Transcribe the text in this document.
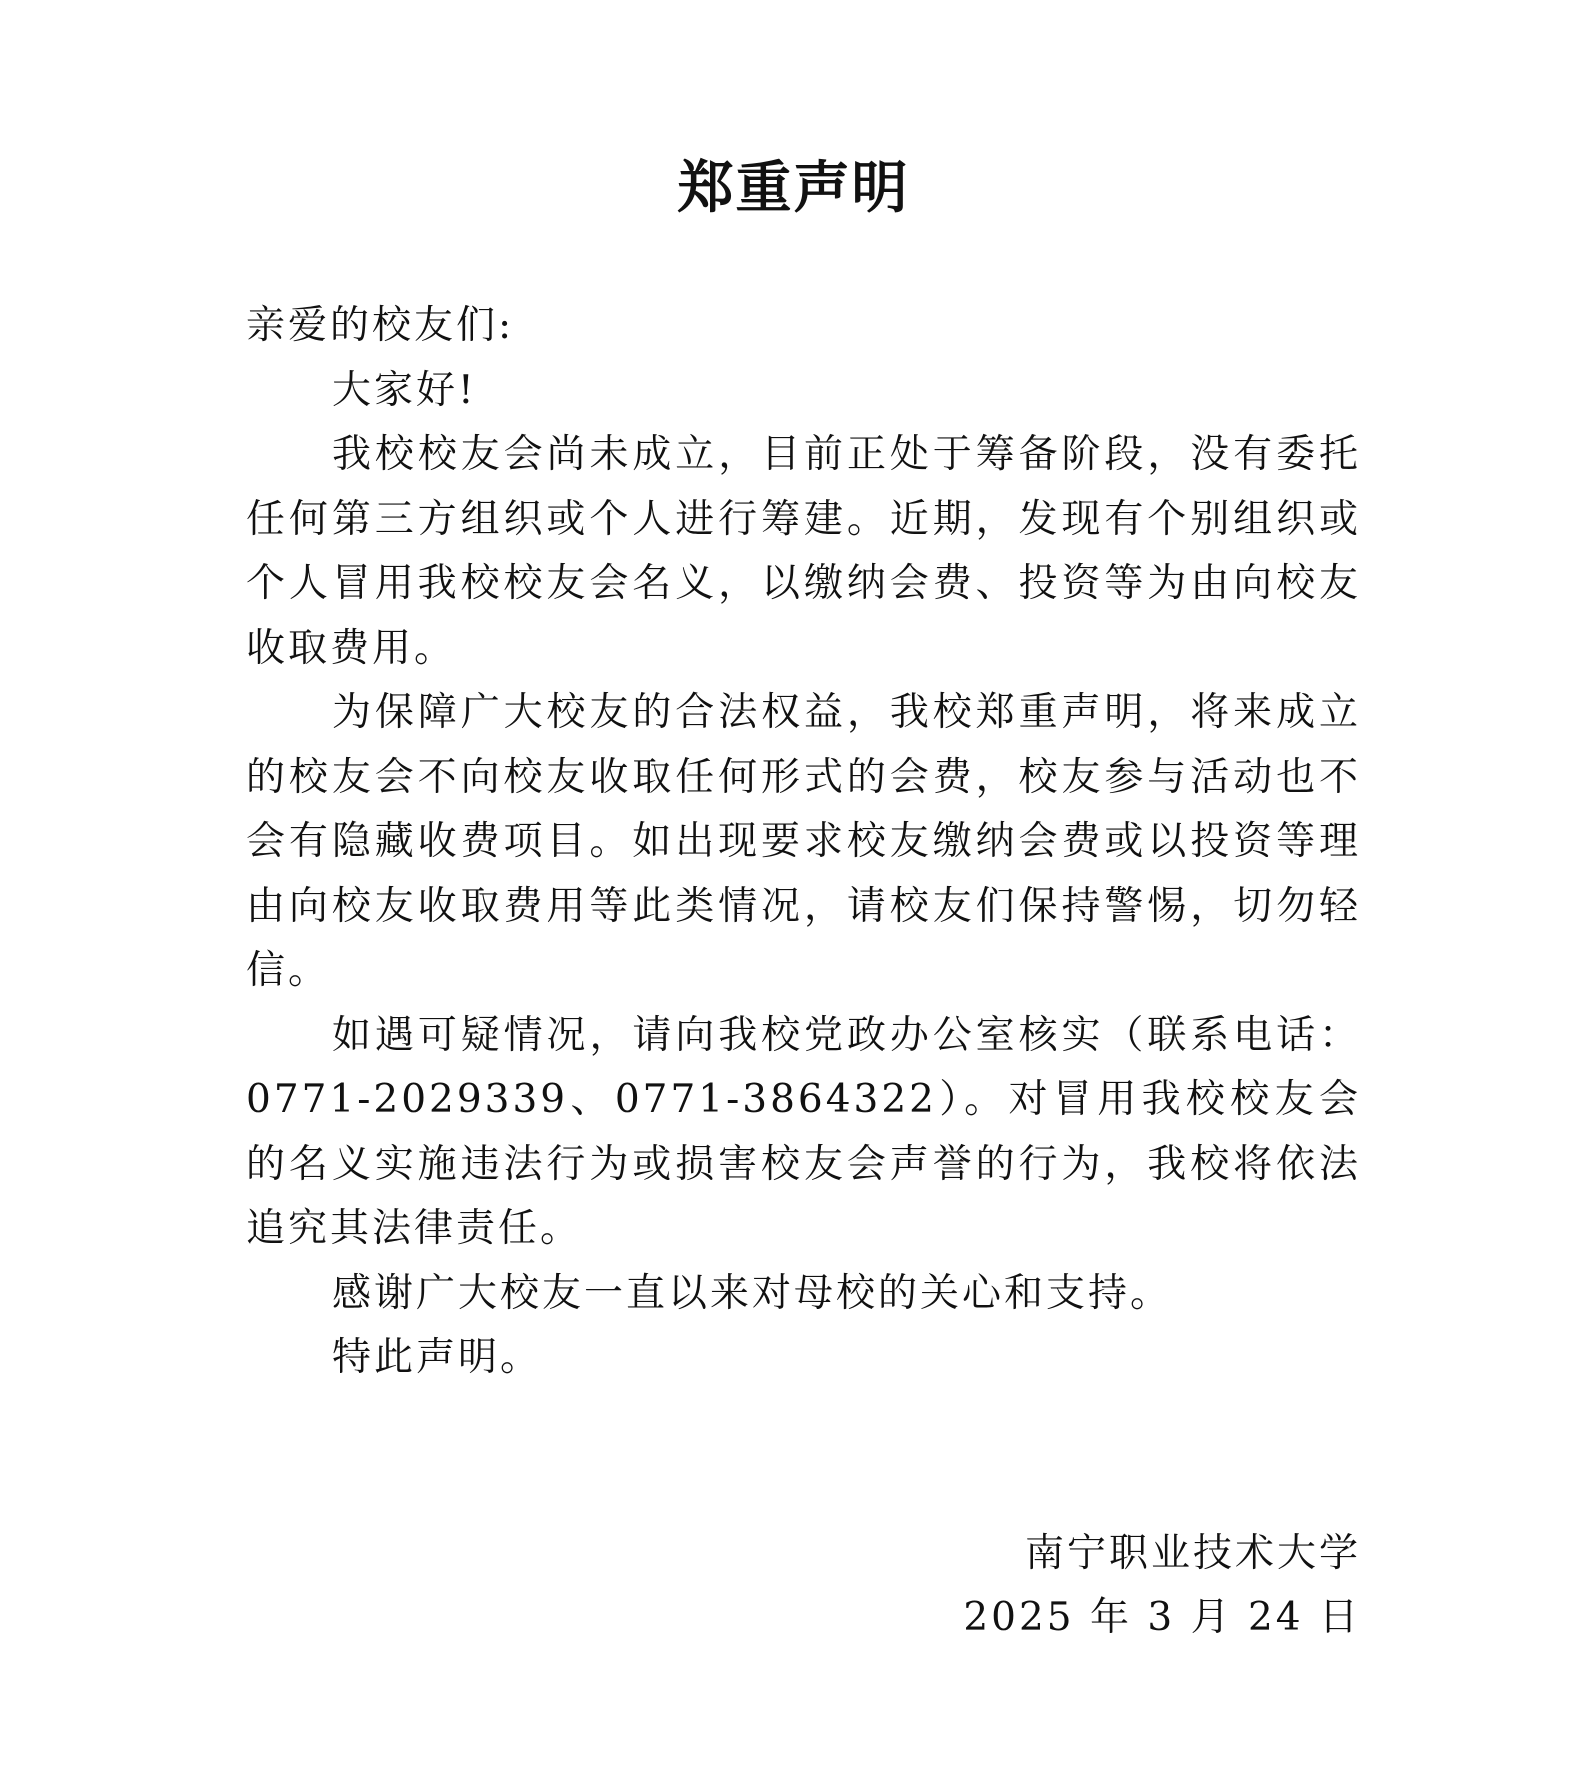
郑重声明

亲爱的校友们:

大家好!

我校校友会尚未成立，目前正处于筹备阶段，没有委托任何第三方组织或个人进行筹建。近期，发现有个别组织或个人冒用我校校友会名义，以缴纳会费、投资等为由向校友收取费用。

为保障广大校友的合法权益，我校郑重声明，将来成立的校友会不向校友收取任何形式的会费，校友参与活动也不会有隐藏收费项目。如出现要求校友缴纳会费或以投资等理由向校友收取费用等此类情况，请校友们保持警惕，切勿轻信。

如遇可疑情况，请向我校党政办公室核实（联系电话：0771-2029339、0771-3864322）。对冒用我校校友会的名义实施违法行为或损害校友会声誉的行为，我校将依法追究其法律责任。

感谢广大校友一直以来对母校的关心和支持。

特此声明。

南宁职业技术大学
2025 年 3 月 24 日
